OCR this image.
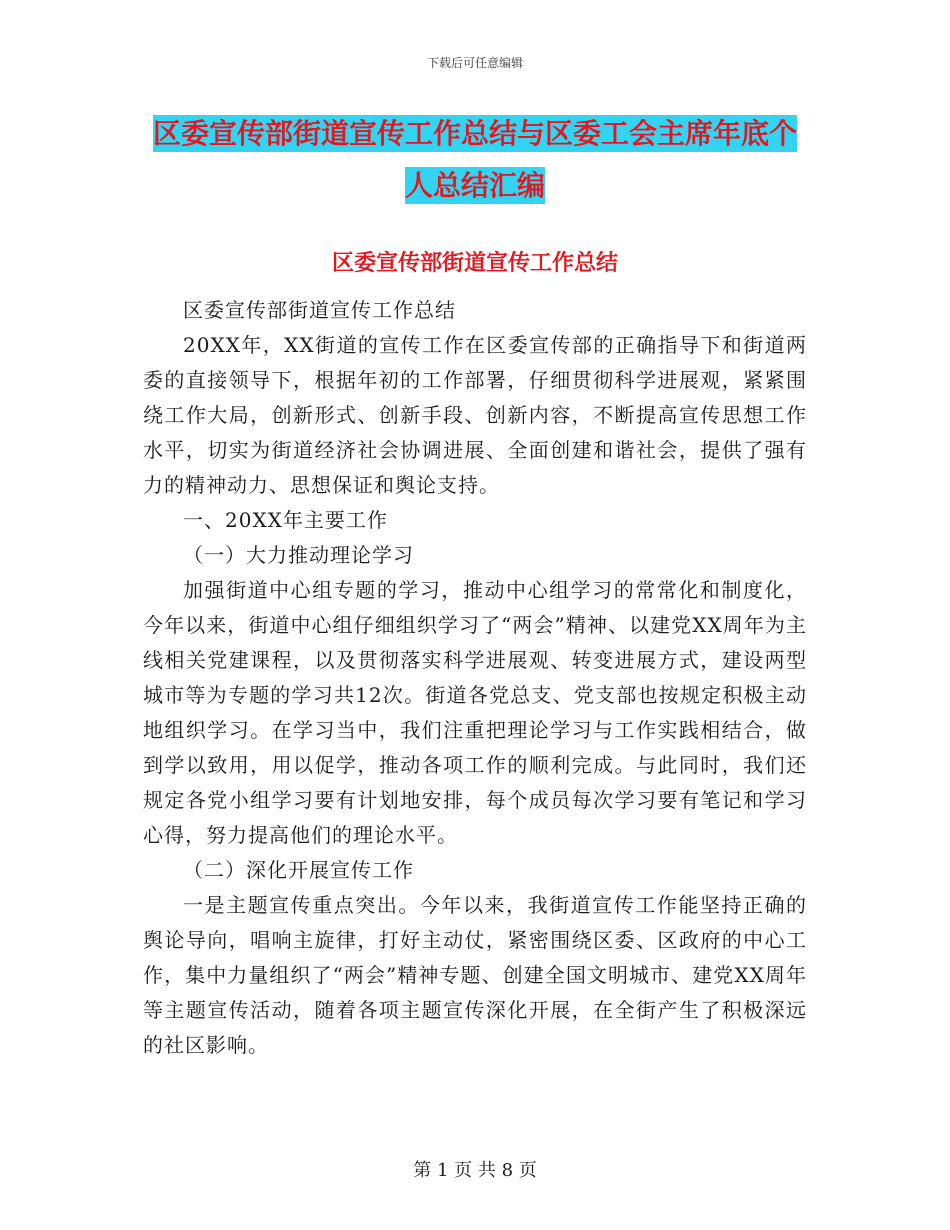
下载后可任意编辑
区委宣传部街道宣传工作总结与区委工会主席年底个
人总结汇编
区委宣传部街道宣传工作总结

区委宣传部街道宣传工作总结

20XX年，XX街道的宣传工作在区委宣传部的正确指导下和街道两委的直接领导下，根据年初的工作部署，仔细贯彻科学进展观，紧紧围绕工作大局，创新形式、创新手段、创新内容，不断提高宣传思想工作水平，切实为街道经济社会协调进展、全面创建和谐社会，提供了强有力的精神动力、思想保证和舆论支持。

一、20XX年主要工作

（一）大力推动理论学习

加强街道中心组专题的学习，推动中心组学习的常常化和制度化，今年以来，街道中心组仔细组织学习了“两会”精神、以建党XX周年为主线相关党建课程，以及贯彻落实科学进展观、转变进展方式，建设两型城市等为专题的学习共12次。街道各党总支、党支部也按规定积极主动地组织学习。在学习当中，我们注重把理论学习与工作实践相结合，做到学以致用，用以促学，推动各项工作的顺利完成。与此同时，我们还规定各党小组学习要有计划地安排，每个成员每次学习要有笔记和学习心得，努力提高他们的理论水平。

（二）深化开展宣传工作

一是主题宣传重点突出。今年以来，我街道宣传工作能坚持正确的舆论导向，唱响主旋律，打好主动仗，紧密围绕区委、区政府的中心工作，集中力量组织了“两会”精神专题、创建全国文明城市、建党XX周年等主题宣传活动，随着各项主题宣传深化开展，在全街产生了积极深远的社区影响。

第 1 页 共 8 页
